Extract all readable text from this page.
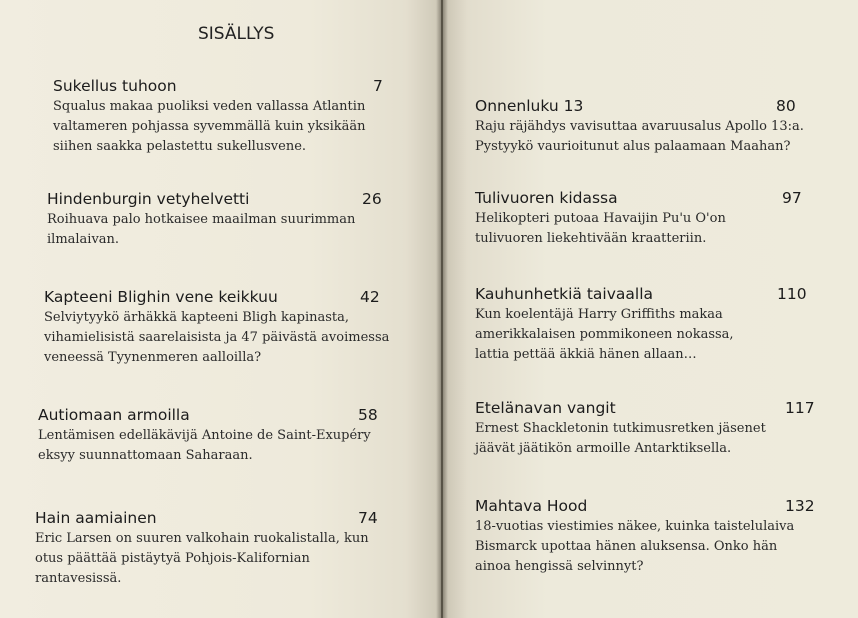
SISÄLLYS
Sukellus tuhoon	7
Squalus makaa puoliksi veden vallassa Atlantin
valtameren pohjassa syvemmällä kuin yksikään
siihen saakka pelastettu sukellusvene.
Hindenburgin vetyhelvetti	26
Roihuava palo hotkaisee maailman suurimman
ilmalaivan.
Kapteeni Blighin vene keikkuu	42
Selviytyykö ärhäkkä kapteeni Bligh kapinasta,
vihamielisistä saarelaisista ja 47 päivästä avoimessa
veneessä Tyynenmeren aalloilla?
Autiomaan armoilla	58
Lentämisen edelläkävijä Antoine de Saint-Exupéry
eksyy suunnattomaan Saharaan.
Hain aamiainen	74
Eric Larsen on suuren valkohain ruokalistalla, kun
otus päättää pistäytyä Pohjois-Kalifornian
rantavesissä.
Onnenluku 13	80
Raju räjähdys vavisuttaa avaruusalus Apollo 13:a.
Pystyykö vaurioitunut alus palaamaan Maahan?
Tulivuoren kidassa	97
Helikopteri putoaa Havaijin Pu'u O'on
tulivuoren liekehtivään kraatteriin.
Kauhunhetkiä taivaalla	110
Kun koelentäjä Harry Griffiths makaa
amerikkalaisen pommikoneen nokassa,
lattia pettää äkkiä hänen allaan…
Etelänavan vangit	117
Ernest Shackletonin tutkimusretken jäsenet
jäävät jäätikön armoille Antarktiksella.
Mahtava Hood	132
18-vuotias viestimies näkee, kuinka taistelulaiva
Bismarck upottaa hänen aluksensa. Onko hän
ainoa hengissä selvinnyt?
